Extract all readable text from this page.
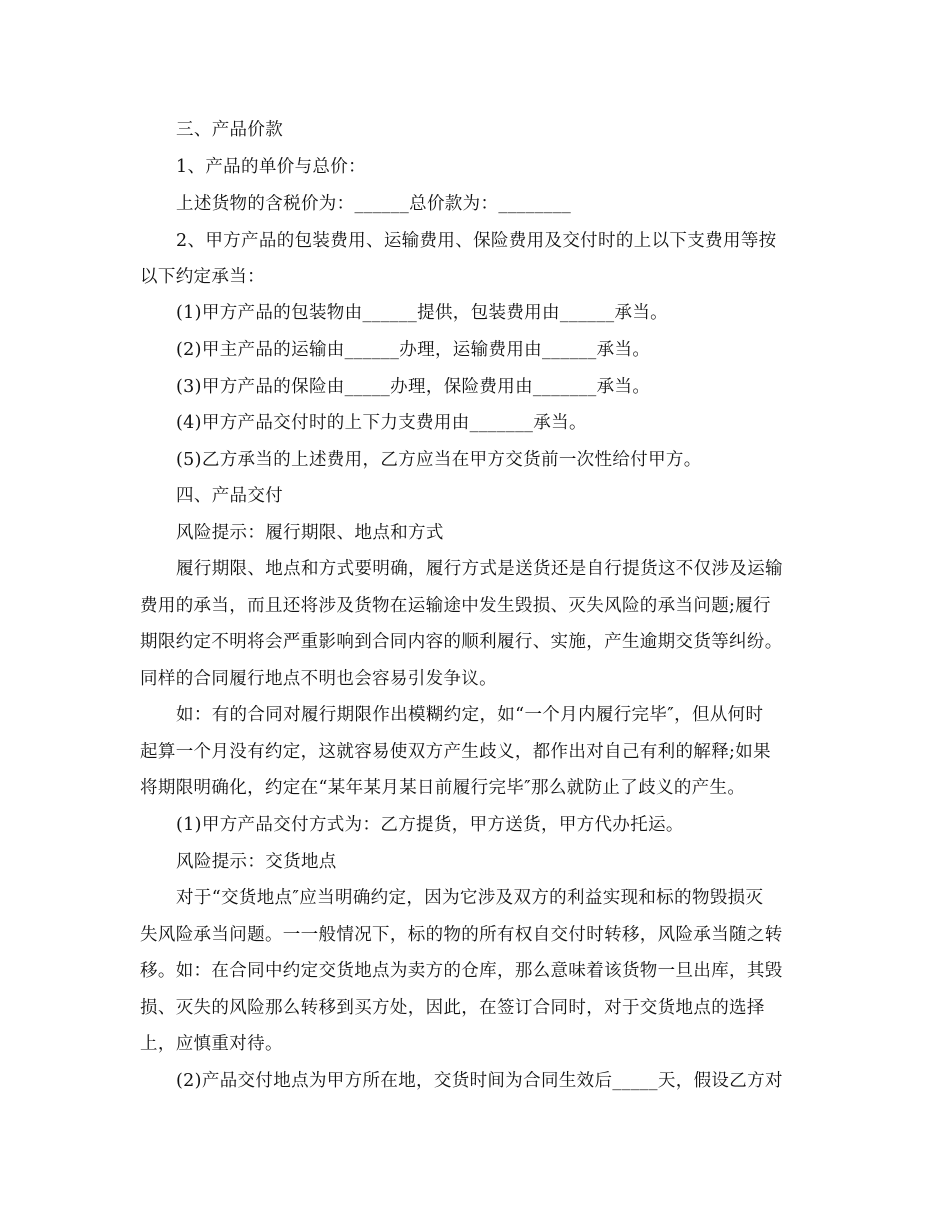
三、产品价款
1、产品的单价与总价：
上述货物的含税价为：______总价款为：________
2、甲方产品的包装费用、运输费用、保险费用及交付时的上以下支费用等按
以下约定承当：
(1)甲方产品的包装物由______提供，包装费用由______承当。
(2)甲主产品的运输由______办理，运输费用由______承当。
(3)甲方产品的保险由_____办理，保险费用由_______承当。
(4)甲方产品交付时的上下力支费用由_______承当。
(5)乙方承当的上述费用，乙方应当在甲方交货前一次性给付甲方。
四、产品交付
风险提示：履行期限、地点和方式
履行期限、地点和方式要明确，履行方式是送货还是自行提货这不仅涉及运输
费用的承当，而且还将涉及货物在运输途中发生毁损、灭失风险的承当问题;履行
期限约定不明将会严重影响到合同内容的顺利履行、实施，产生逾期交货等纠纷。
同样的合同履行地点不明也会容易引发争议。
如：有的合同对履行期限作出模糊约定，如“一个月内履行完毕″，但从何时
起算一个月没有约定，这就容易使双方产生歧义，都作出对自己有利的解释;如果
将期限明确化，约定在“某年某月某日前履行完毕″那么就防止了歧义的产生。
(1)甲方产品交付方式为：乙方提货，甲方送货，甲方代办托运。
风险提示：交货地点
对于“交货地点″应当明确约定，因为它涉及双方的利益实现和标的物毁损灭
失风险承当问题。一一般情况下，标的物的所有权自交付时转移，风险承当随之转
移。如：在合同中约定交货地点为卖方的仓库，那么意味着该货物一旦出库，其毁
损、灭失的风险那么转移到买方处，因此，在签订合同时，对于交货地点的选择
上，应慎重对待。
(2)产品交付地点为甲方所在地，交货时间为合同生效后_____天，假设乙方对
